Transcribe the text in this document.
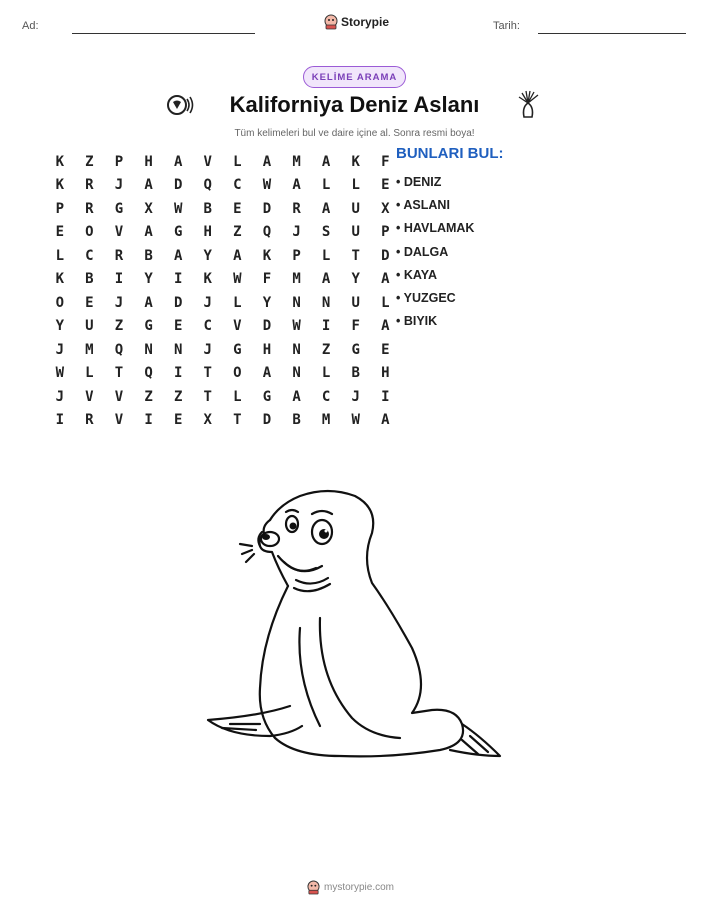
Ad:	Storypie	Tarih:
KELİME ARAMA
Kaliforniya Deniz Aslanı
Tüm kelimeleri bul ve daire içine al. Sonra resmi boya!
K	Z	P	H	A	V	L	A	M	A	K	F
K	R	J	A	D	Q	C	W	A	L	L	E
P	R	G	X	W	B	E	D	R	A	U	X
E	O	V	A	G	H	Z	Q	J	S	U	P
L	C	R	B	A	Y	A	K	P	L	T	D
K	B	I	Y	I	K	W	F	M	A	Y	A
O	E	J	A	D	J	L	Y	N	N	U	L
Y	U	Z	G	E	C	V	D	W	I	F	A
J	M	Q	N	N	J	G	H	N	Z	G	E
W	L	T	Q	I	T	O	A	N	L	B	H
J	V	V	Z	Z	T	L	G	A	C	J	I
I	R	V	I	E	X	T	D	B	M	W	A
BUNLARI BUL:
• DENIZ
• ASLANI
• HAVLAMAK
• DALGA
• KAYA
• YUZGEC
• BIYIK
mystorypie.com
